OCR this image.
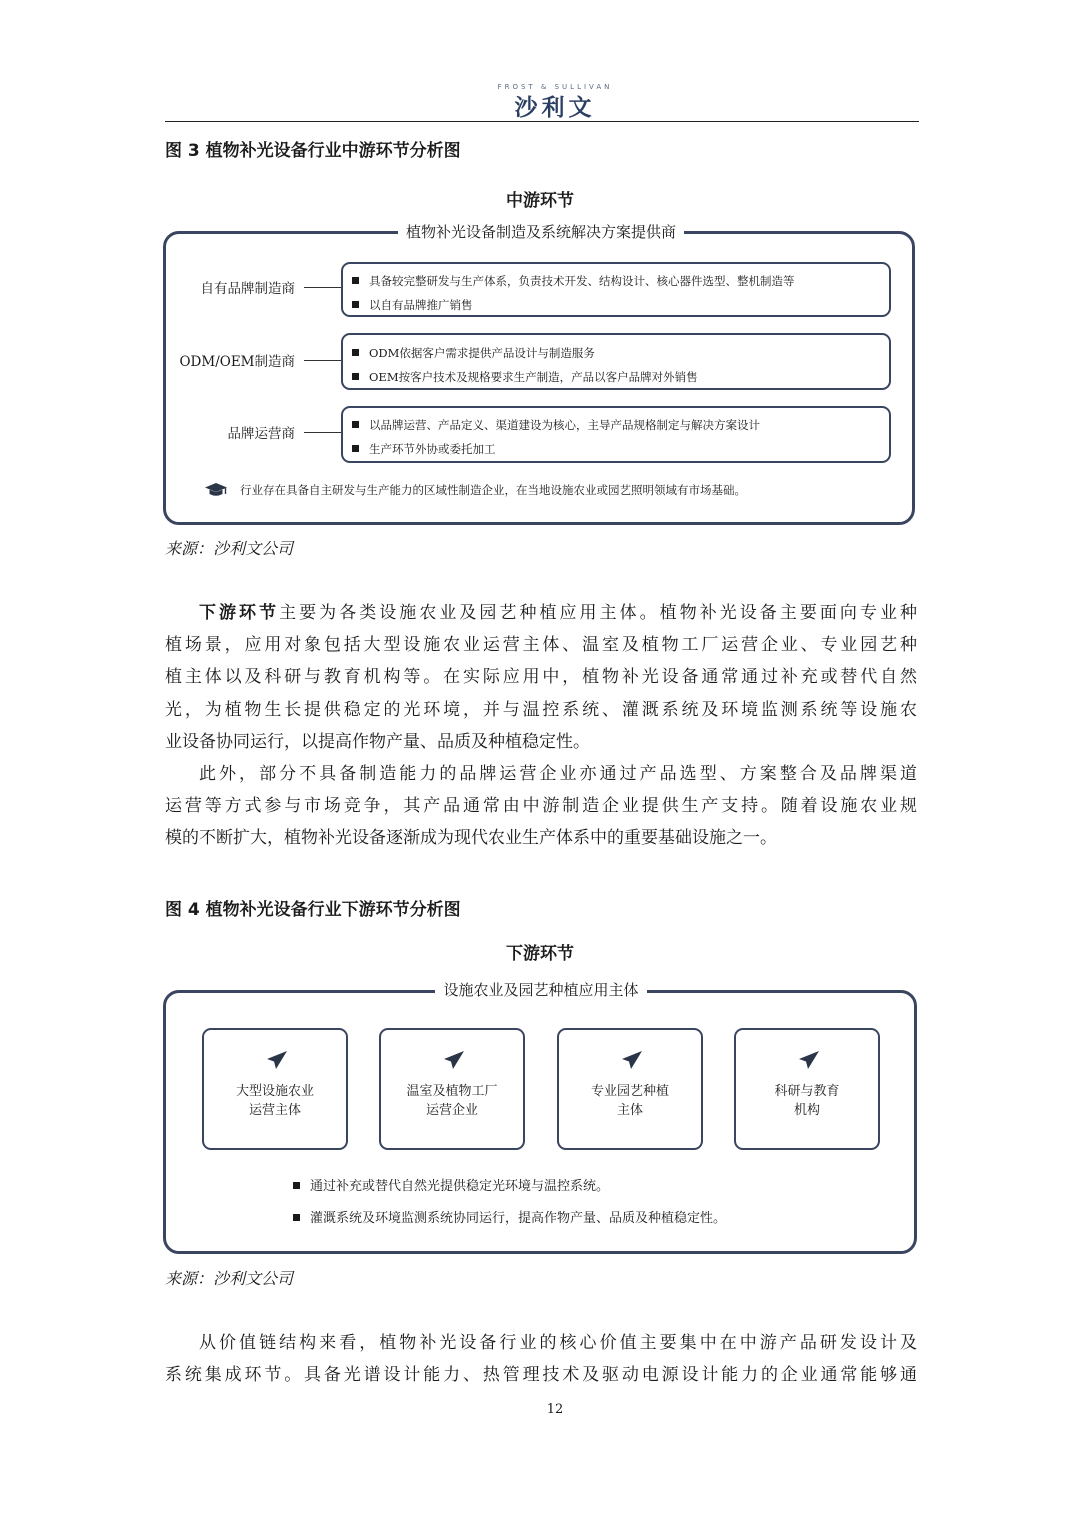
FROST & SULLIVAN
沙利文
图 3 植物补光设备行业中游环节分析图
中游环节
植物补光设备制造及系统解决方案提供商
自有品牌制造商	具备较完整研发与生产体系，负责技术开发、结构设计、核心器件选型、整机制造等
以自有品牌推广销售
ODM/OEM制造商
ODM依据客户需求提供产品设计与制造服务
OEM按客户技术及规格要求生产制造，产品以客户品牌对外销售
品牌运营商
以品牌运营、产品定义、渠道建设为核心，主导产品规格制定与解决方案设计
生产环节外协或委托加工
行业存在具备自主研发与生产能力的区域性制造企业，在当地设施农业或园艺照明领域有市场基础。
来源：沙利文公司
下游环节主要为各类设施农业及园艺种植应用主体。植物补光设备主要面向专业种
植场景，应用对象包括大型设施农业运营主体、温室及植物工厂运营企业、专业园艺种
植主体以及科研与教育机构等。在实际应用中，植物补光设备通常通过补充或替代自然
光，为植物生长提供稳定的光环境，并与温控系统、灌溉系统及环境监测系统等设施农
业设备协同运行，以提高作物产量、品质及种植稳定性。
此外，部分不具备制造能力的品牌运营企业亦通过产品选型、方案整合及品牌渠道
运营等方式参与市场竞争，其产品通常由中游制造企业提供生产支持。随着设施农业规
模的不断扩大，植物补光设备逐渐成为现代农业生产体系中的重要基础设施之一。
图 4 植物补光设备行业下游环节分析图
下游环节
设施农业及园艺种植应用主体
大型设施农业
运营主体
温室及植物工厂
运营企业
专业园艺种植
主体
科研与教育
机构
通过补充或替代自然光提供稳定光环境与温控系统。
灌溉系统及环境监测系统协同运行，提高作物产量、品质及种植稳定性。
来源：沙利文公司
从价值链结构来看，植物补光设备行业的核心价值主要集中在中游产品研发设计及
系统集成环节。具备光谱设计能力、热管理技术及驱动电源设计能力的企业通常能够通
12
